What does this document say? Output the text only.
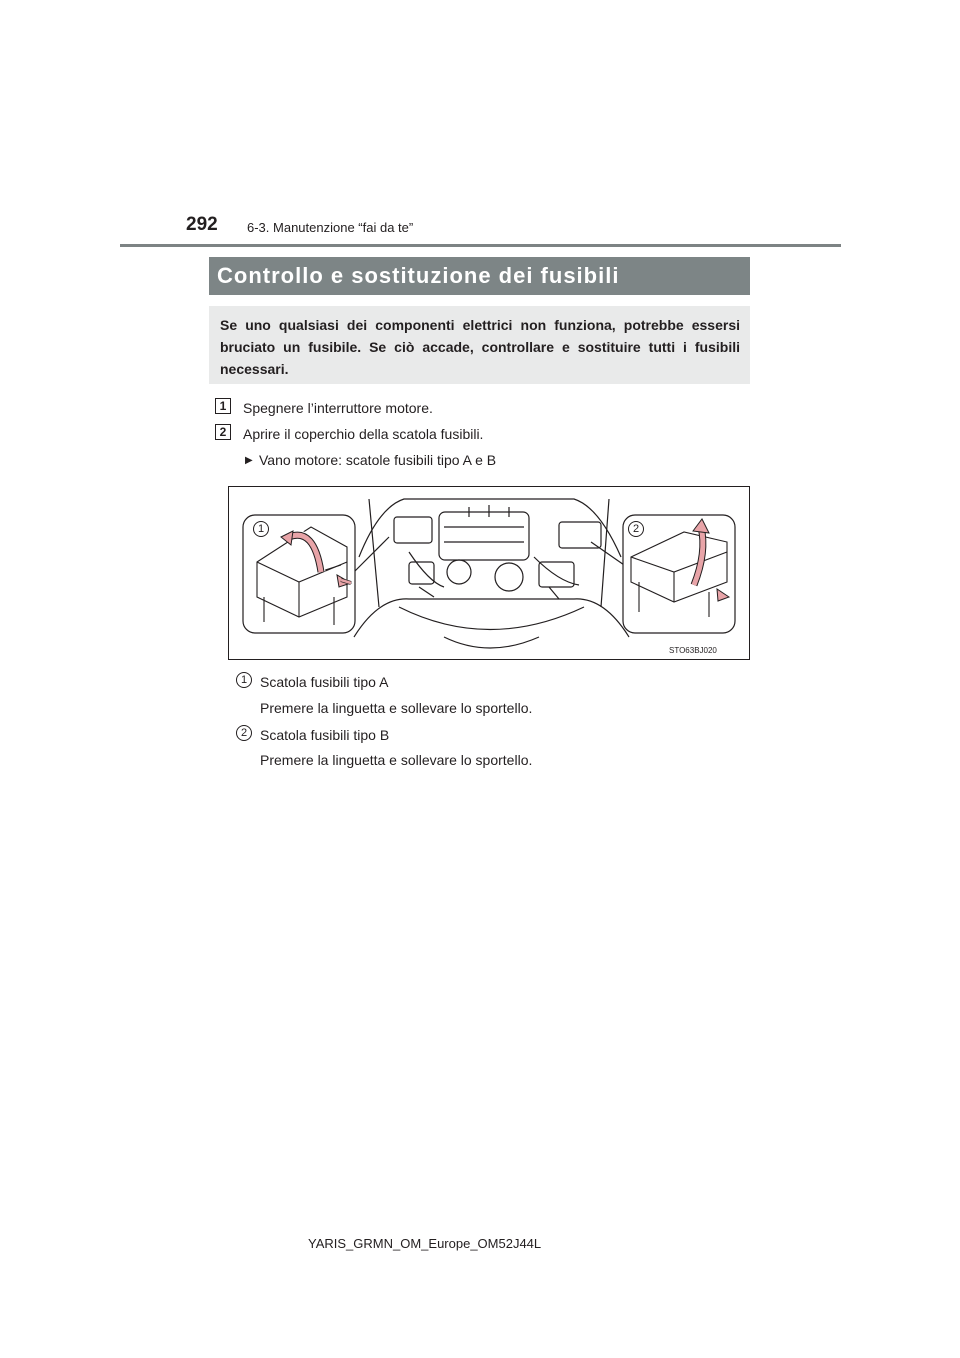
292 6-3. Manutenzione “fai da te”
Controllo e sostituzione dei fusibili
Se uno qualsiasi dei componenti elettrici non funziona, potrebbe essersi bruciato un fusibile. Se ciò accade, controllare e sostituire tutti i fusibili necessari.
1	Spegnere l’interruttore motore.
2	Aprire il coperchio della scatola fusibili.
▶ Vano motore: scatole fusibili tipo A e B
1	2
STO63BJ020
1 Scatola fusibili tipo A
Premere la linguetta e sollevare lo sportello.
2 Scatola fusibili tipo B
Premere la linguetta e sollevare lo sportello.
YARIS_GRMN_OM_Europe_OM52J44L
